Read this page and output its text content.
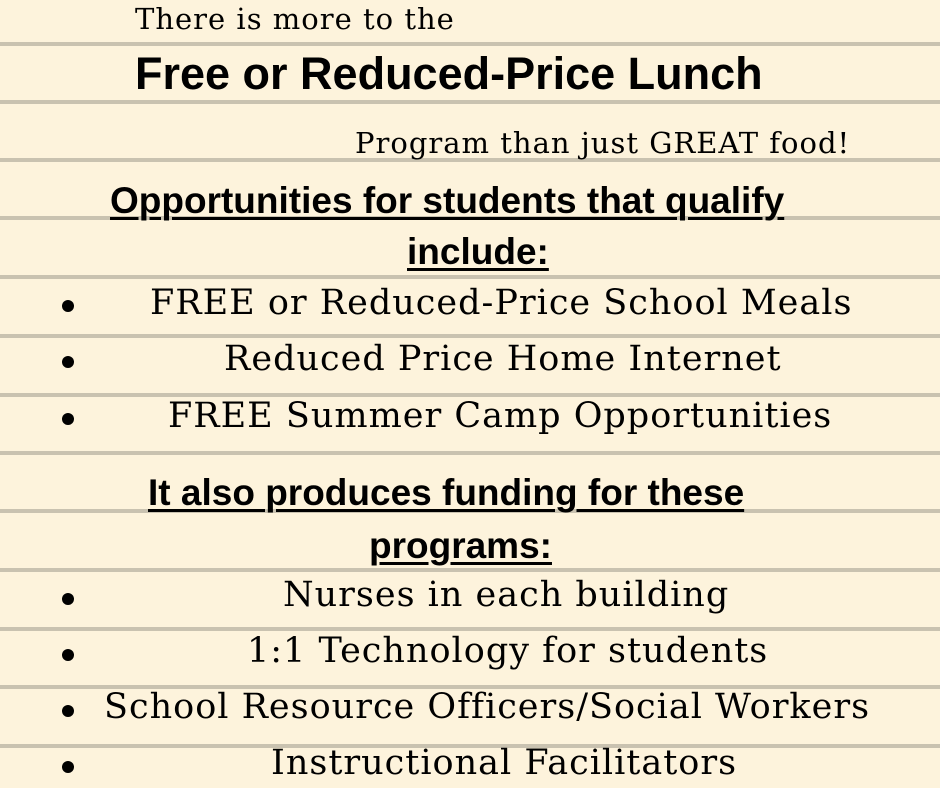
There is more to the
Free or Reduced-Price Lunch
Program than just GREAT food!
Opportunities for students that qualify
include:
FREE or Reduced-Price School Meals
Reduced Price Home Internet
FREE Summer Camp Opportunities
It also produces funding for these
programs:
Nurses in each building
1:1 Technology for students
School Resource Officers/Social Workers
Instructional Facilitators
